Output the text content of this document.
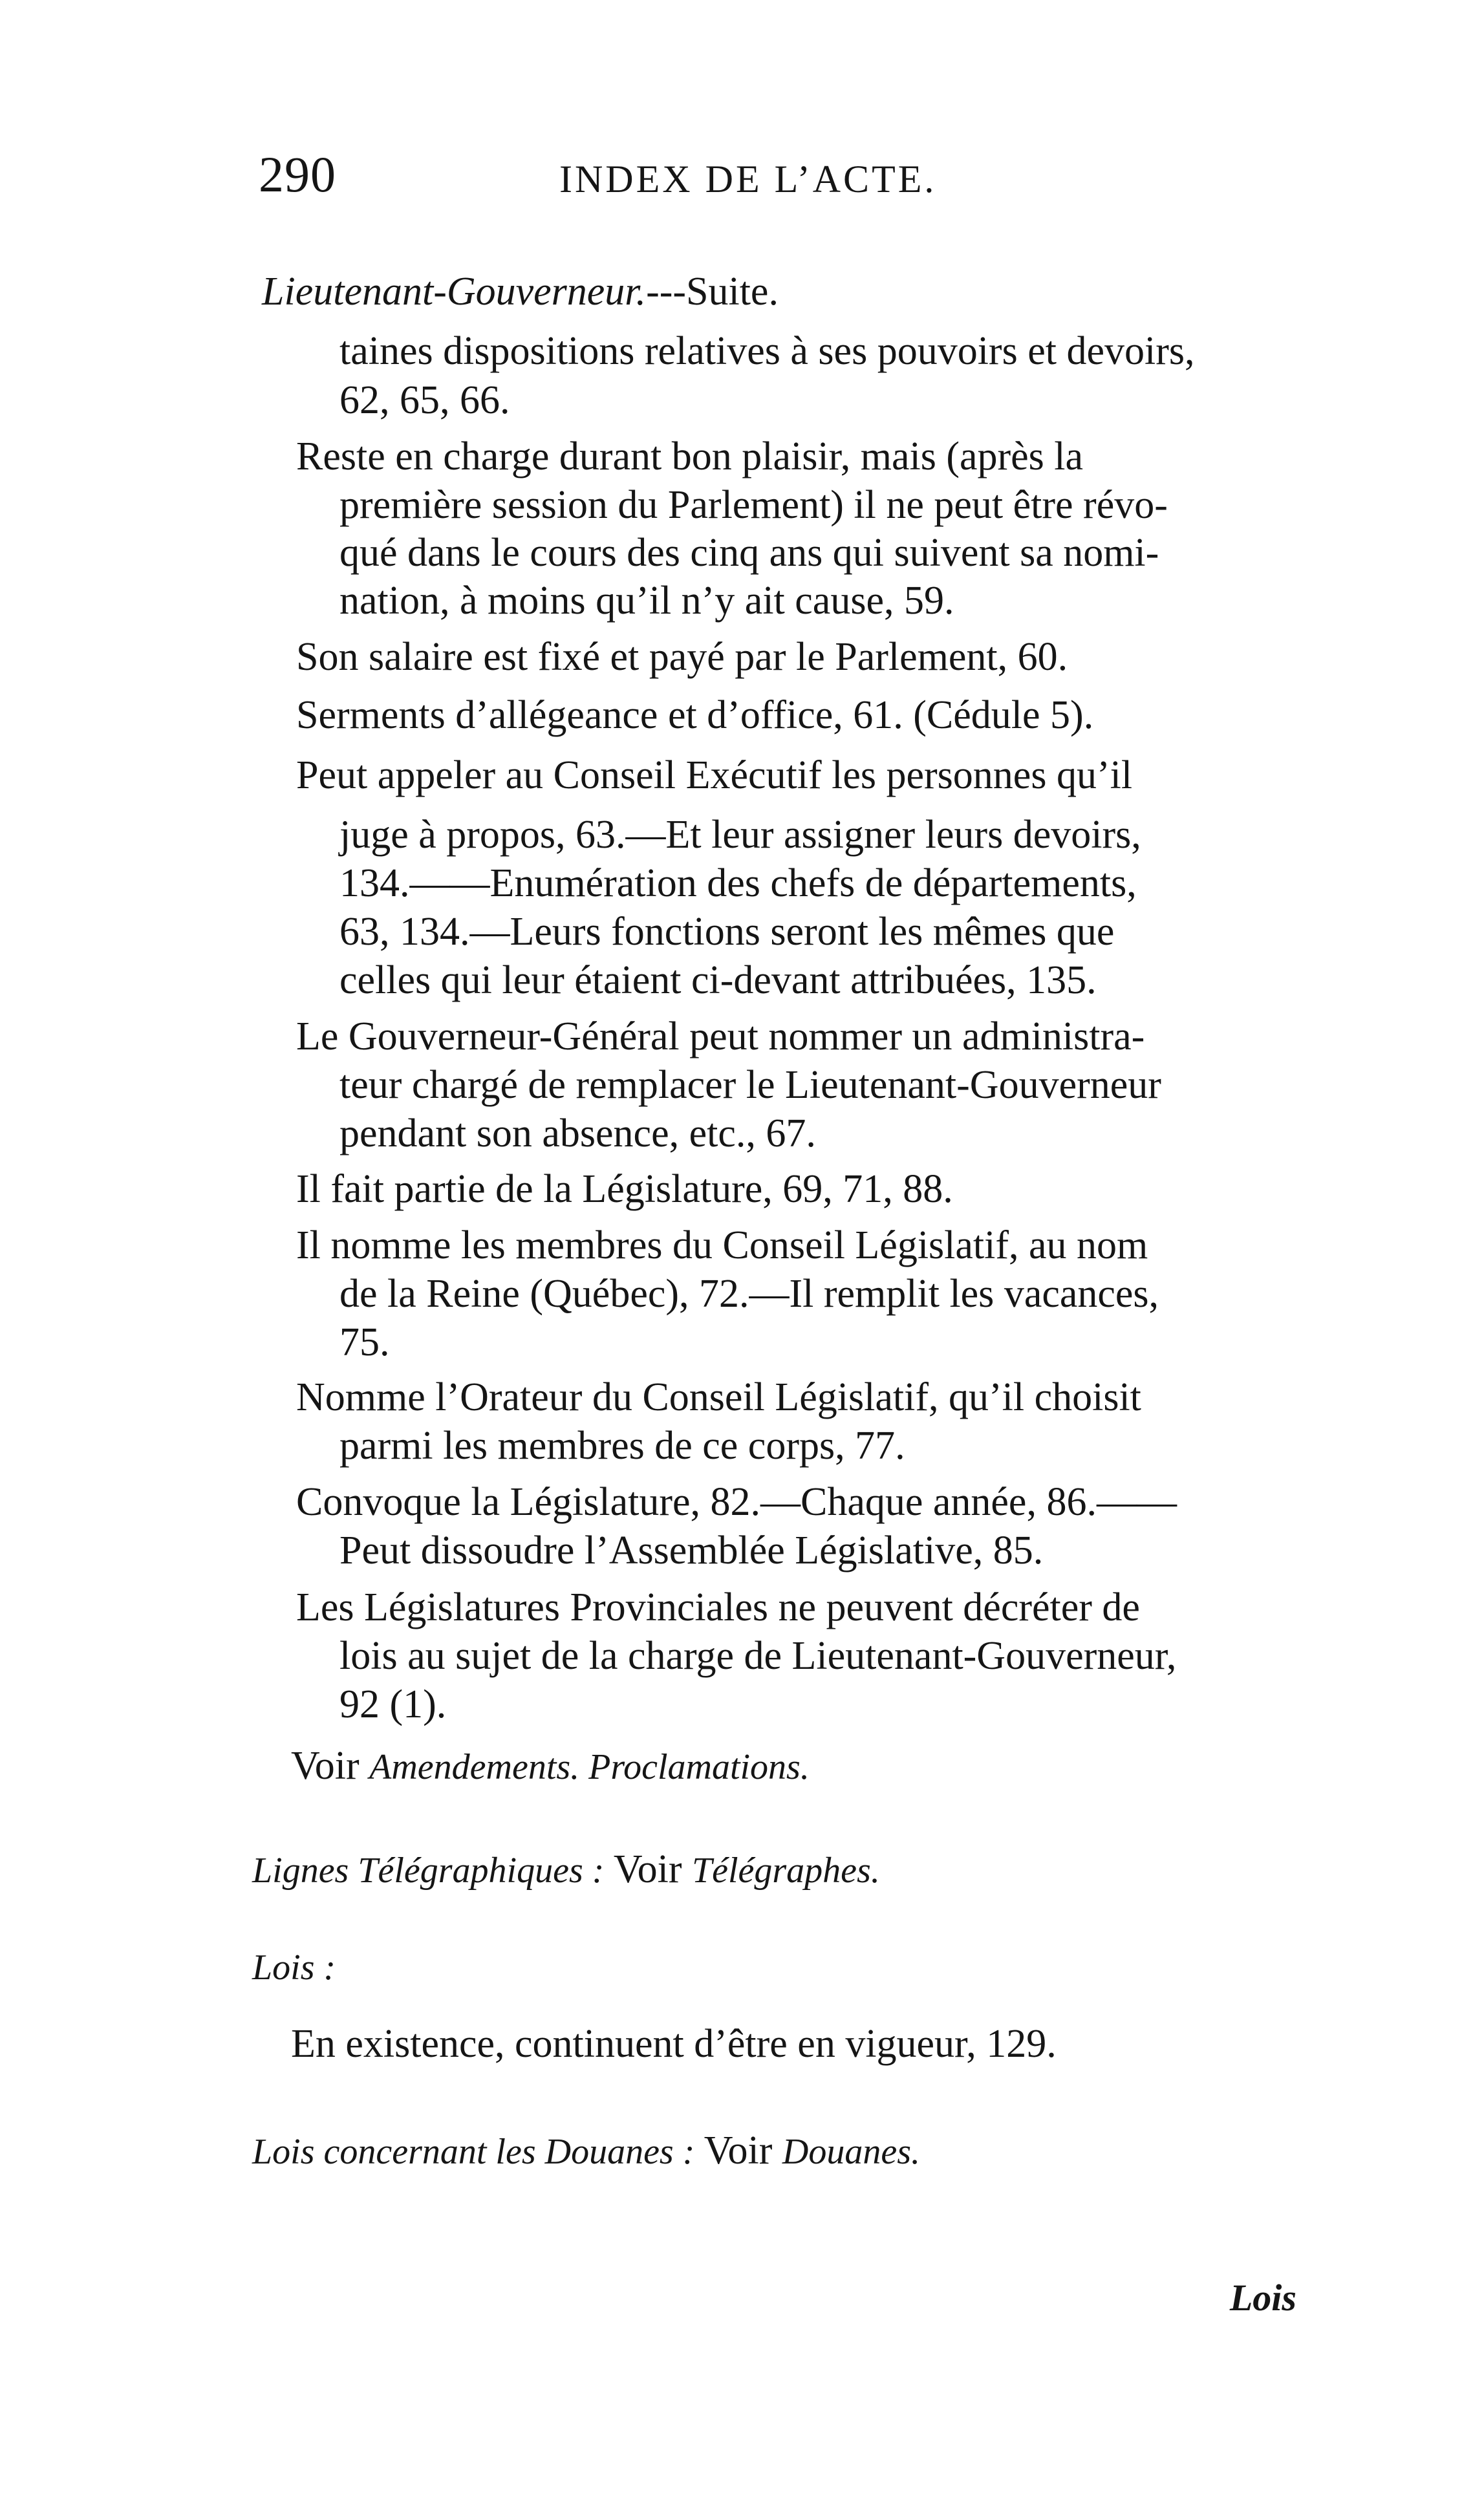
290	INDEX DE L’ACTE.
Lieutenant-Gouverneur.---Suite.
taines dispositions relatives à ses pouvoirs et devoirs,
62, 65, 66.
Reste en charge durant bon plaisir, mais (après la
première session du Parlement) il ne peut être révo-
qué dans le cours des cinq ans qui suivent sa nomi-
nation, à moins qu’il n’y ait cause, 59.
Son salaire est fixé et payé par le Parlement, 60.
Serments d’allégeance et d’office, 61. (Cédule 5).
Peut appeler au Conseil Exécutif les personnes qu’il
juge à propos, 63.—Et leur assigner leurs devoirs,
134.——Enumération des chefs de départements,
63, 134.—Leurs fonctions seront les mêmes que
celles qui leur étaient ci-devant attribuées, 135.
Le Gouverneur-Général peut nommer un administra-
teur chargé de remplacer le Lieutenant-Gouverneur
pendant son absence, etc., 67.
Il fait partie de la Législature, 69, 71, 88.
Il nomme les membres du Conseil Législatif, au nom
de la Reine (Québec), 72.—Il remplit les vacances,
75.
Nomme l’Orateur du Conseil Législatif, qu’il choisit
parmi les membres de ce corps, 77.
Convoque la Législature, 82.—Chaque année, 86.——
Peut dissoudre l’Assemblée Législative, 85.
Les Législatures Provinciales ne peuvent décréter de
lois au sujet de la charge de Lieutenant-Gouverneur,
92 (1).
Voir Amendements. Proclamations.
Lignes Télégraphiques : Voir Télégraphes.
Lois :
En existence, continuent d’être en vigueur, 129.
Lois concernant les Douanes : Voir Douanes.
Lois
